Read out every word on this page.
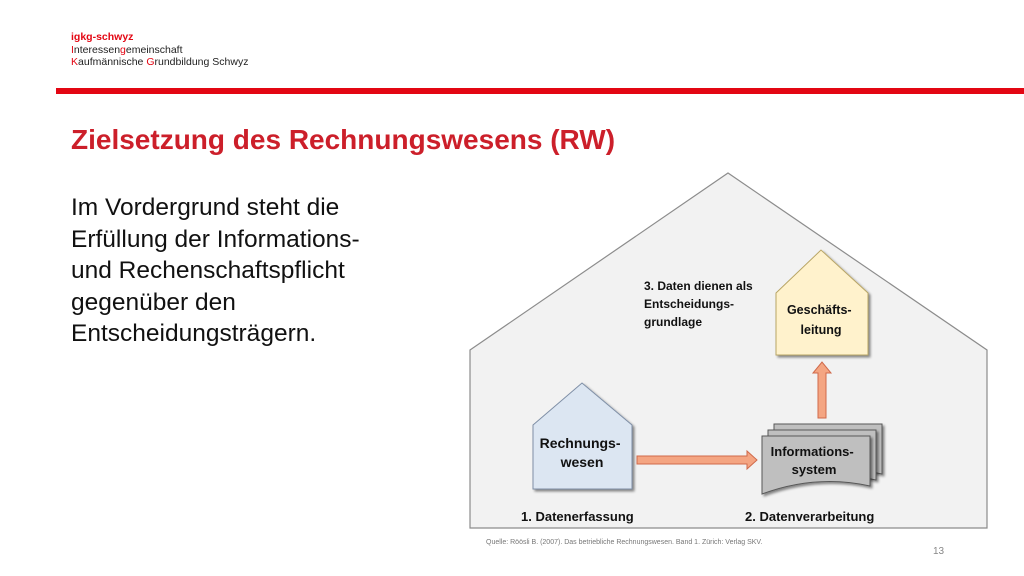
igkg-schwyz
Interessengemeinschaft
Kaufmännische Grundbildung Schwyz
Zielsetzung des Rechnungswesens (RW)
Im Vordergrund steht die
Erfüllung der Informations-
und Rechenschaftspflicht
gegenüber den
Entscheidungsträgern.
Rechnungs- wesen
Informations- system
Geschäfts- leitung
3. Daten dienen als Entscheidungs- grundlage
1. Datenerfassung	2. Datenverarbeitung
Quelle: Röösli B. (2007). Das betriebliche Rechnungswesen. Band 1. Zürich: Verlag SKV.
13
